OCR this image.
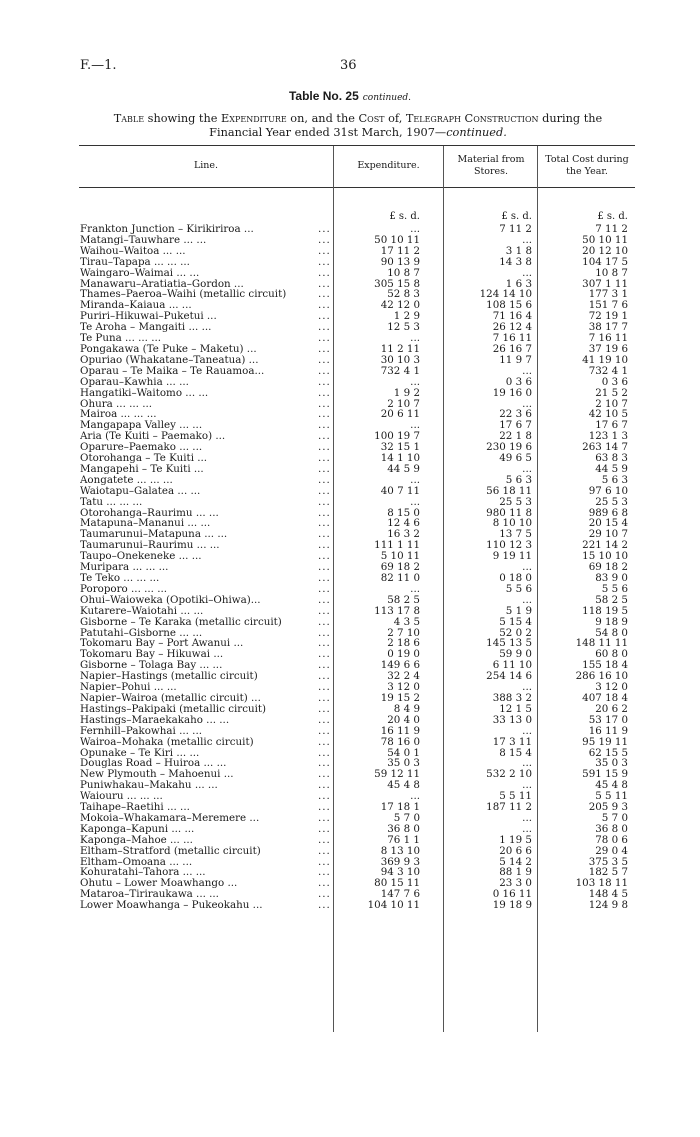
F.—1.	36
Table No. 25 continued.
Table showing the Expenditure on, and the Cost of, Telegraph Construction during the
Financial Year ended 31st March, 1907—continued.
Line.	Expenditure.
Material from Stores.
Total Cost during the Year.
£ s. d.	£ s. d.	£ s. d.
Frankton Junction – Kirikiriroa ...	...	...	7 11 2	7 11 2
Matangi–Tauwhare ... ...	...	50 10 11	...	50 10 11
Waihou–Waitoa ... ...	...	17 11 2	3 1 8	20 12 10
Tirau–Tapapa ... ... ...	...	90 13 9	14 3 8	104 17 5
Waingaro–Waimai ... ...	...	10 8 7	...	10 8 7
Manawaru–Aratiatia–Gordon ...	...	305 15 8	1 6 3	307 1 11
Thames–Paeroa–Waihi (metallic circuit)	...	52 8 3	124 14 10	177 3 1
Miranda–Kaiaua ... ...	...	42 12 0	108 15 6	151 7 6
Puriri–Hikuwai–Puketui ...	...	1 2 9	71 16 4	72 19 1
Te Aroha – Mangaiti ... ...	...	12 5 3	26 12 4	38 17 7
Te Puna ... ... ...	...	...	7 16 11	7 16 11
Pongakawa (Te Puke – Maketu) ...	...	11 2 11	26 16 7	37 19 6
Opuriao (Whakatane–Taneatua) ...	...	30 10 3	11 9 7	41 19 10
Oparau – Te Maika – Te Rauamoa...	...	732 4 1	...	732 4 1
Oparau–Kawhia ... ...	...	...	0 3 6	0 3 6
Hangatiki–Waitomo ... ...	...	1 9 2	19 16 0	21 5 2
Ohura ... ... ...	...	2 10 7	...	2 10 7
Mairoa ... ... ...	...	20 6 11	22 3 6	42 10 5
Mangapapa Valley ... ...	...	...	17 6 7	17 6 7
Aria (Te Kuiti – Paemako) ...	...	100 19 7	22 1 8	123 1 3
Oparure–Paemako ... ...	...	32 15 1	230 19 6	263 14 7
Otorohanga – Te Kuiti ...	...	14 1 10	49 6 5	63 8 3
Mangapehi – Te Kuiti ...	...	44 5 9	...	44 5 9
Aongatete ... ... ...	...	...	5 6 3	5 6 3
Waiotapu–Galatea ... ...	...	40 7 11	56 18 11	97 6 10
Tatu ... ... ...	...	...	25 5 3	25 5 3
Otorohanga–Raurimu ... ...	...	8 15 0	980 11 8	989 6 8
Matapuna–Mananui ... ...	...	12 4 6	8 10 10	20 15 4
Taumarunui–Matapuna ... ...	...	16 3 2	13 7 5	29 10 7
Taumarunui–Raurimu ... ...	...	111 1 11	110 12 3	221 14 2
Taupo–Onekeneke ... ...	...	5 10 11	9 19 11	15 10 10
Muripara ... ... ...	...	69 18 2	...	69 18 2
Te Teko ... ... ...	...	82 11 0	0 18 0	83 9 0
Poroporo ... ... ...	...	...	5 5 6	5 5 6
Ohui–Waioweka (Opotiki–Ohiwa)...	...	58 2 5	...	58 2 5
Kutarere–Waiotahi ... ...	...	113 17 8	5 1 9	118 19 5
Gisborne – Te Karaka (metallic circuit)	...	4 3 5	5 15 4	9 18 9
Patutahi–Gisborne ... ...	...	2 7 10	52 0 2	54 8 0
Tokomaru Bay – Port Awanui ...	...	2 18 6	145 13 5	148 11 11
Tokomaru Bay – Hikuwai ...	...	0 19 0	59 9 0	60 8 0
Gisborne – Tolaga Bay ... ...	...	149 6 6	6 11 10	155 18 4
Napier–Hastings (metallic circuit)	...	32 2 4	254 14 6	286 16 10
Napier–Pohui ... ...	...	3 12 0	...	3 12 0
Napier–Wairoa (metallic circuit) ...	...	19 15 2	388 3 2	407 18 4
Hastings–Pakipaki (metallic circuit)	...	8 4 9	12 1 5	20 6 2
Hastings–Maraekakaho ... ...	...	20 4 0	33 13 0	53 17 0
Fernhill–Pakowhai ... ...	...	16 11 9	...	16 11 9
Wairoa–Mohaka (metallic circuit)	...	78 16 0	17 3 11	95 19 11
Opunake – Te Kiri ... ...	...	54 0 1	8 15 4	62 15 5
Douglas Road – Huiroa ... ...	...	35 0 3	...	35 0 3
New Plymouth – Mahoenui ...	...	59 12 11	532 2 10	591 15 9
Puniwhakau–Makahu ... ...	...	45 4 8	...	45 4 8
Waiouru ... ... ...	...	...	5 5 11	5 5 11
Taihape–Raetihi ... ...	...	17 18 1	187 11 2	205 9 3
Mokoia–Whakamara–Meremere ...	...	5 7 0	...	5 7 0
Kaponga–Kapuni ... ...	...	36 8 0	...	36 8 0
Kaponga–Mahoe ... ...	...	76 1 1	1 19 5	78 0 6
Eltham–Stratford (metallic circuit)	...	8 13 10	20 6 6	29 0 4
Eltham–Omoana ... ...	...	369 9 3	5 14 2	375 3 5
Kohuratahi–Tahora ... ...	...	94 3 10	88 1 9	182 5 7
Ohutu – Lower Moawhango ...	...	80 15 11	23 3 0	103 18 11
Mataroa–Tiriraukawa ... ...	...	147 7 6	0 16 11	148 4 5
Lower Moawhanga – Pukeokahu ...	...	104 10 11	19 18 9	124 9 8
